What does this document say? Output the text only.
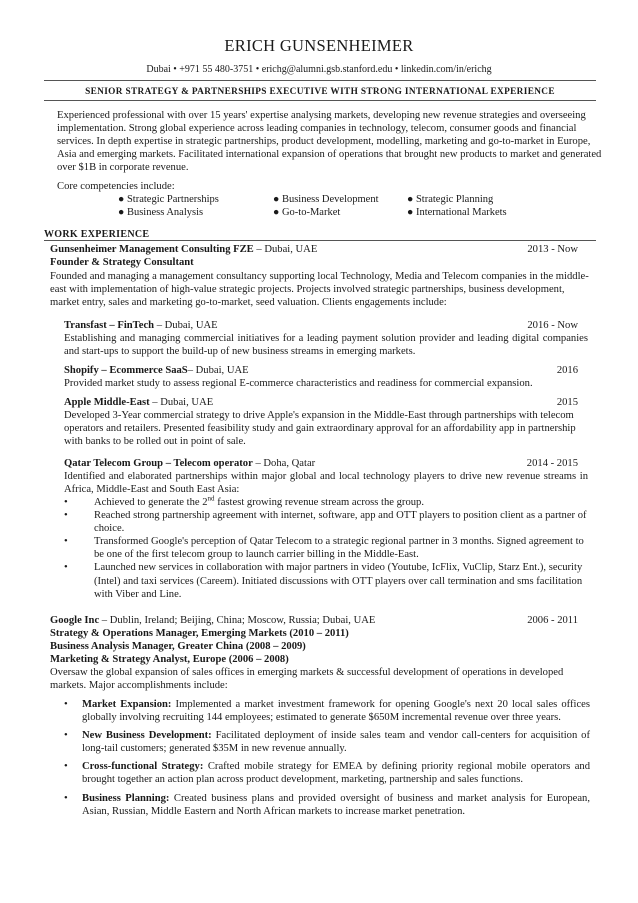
ERICH GUNSENHEIMER
Dubai • +971 55 480-3751 • erichg@alumni.gsb.stanford.edu • linkedin.com/in/erichg
SENIOR STRATEGY & PARTNERSHIPS EXECUTIVE WITH STRONG INTERNATIONAL EXPERIENCE
Experienced professional with over 15 years' expertise analysing markets, developing new revenue strategies and overseeing implementation. Strong global experience across leading companies in technology, telecom, consumer goods and financial services. In depth expertise in strategic partnerships, product development, modelling, marketing and go-to-market in Europe, Asia and emerging markets. Facilitated international expansion of operations that brought new products to market and generated over $1B in corporate revenue.
Core competencies include:
● Strategic Partnerships	● Business Development	● Strategic Planning
● Business Analysis	● Go-to-Market	● International Markets
WORK EXPERIENCE
Gunsenheimer Management Consulting FZE – Dubai, UAE	2013 - Now
Founder & Strategy Consultant
Founded and managing a management consultancy supporting local Technology, Media and Telecom companies in the middle-east with implementation of high-value strategic projects. Projects involved strategic partnerships, business development, market entry, sales and marketing go-to-market, seed valuation. Clients engagements include:
Transfast – FinTech – Dubai, UAE	2016 - Now
Establishing and managing commercial initiatives for a leading payment solution provider and leading digital companies and start-ups to support the build-up of new business streams in emerging markets.
Shopify – Ecommerce SaaS– Dubai, UAE	2016
Provided market study to assess regional E-commerce characteristics and readiness for commercial expansion.
Apple Middle-East – Dubai, UAE	2015
Developed 3-Year commercial strategy to drive Apple's expansion in the Middle-East through partnerships with telecom operators and retailers. Presented feasibility study and gain extraordinary approval for an affordability app in partnership with banks to be rolled out in point of sale.
Qatar Telecom Group – Telecom operator – Doha, Qatar	2014 - 2015
Identified and elaborated partnerships within major global and local technology players to drive new revenue streams in Africa, Middle-East and South East Asia:
• Achieved to generate the 2nd fastest growing revenue stream across the group.
• Reached strong partnership agreement with internet, software, app and OTT players to position client as a partner of choice.
• Transformed Google's perception of Qatar Telecom to a strategic regional partner in 3 months. Signed agreement to be one of the first telecom group to launch carrier billing in the Middle-East.
• Launched new services in collaboration with major partners in video (Youtube, IcFlix, VuClip, Starz Ent.), security (Intel) and taxi services (Careem). Initiated discussions with OTT players over call termination and sms facilitation with Viber and Line.
Google Inc – Dublin, Ireland; Beijing, China; Moscow, Russia; Dubai, UAE	2006 - 2011
Strategy & Operations Manager, Emerging Markets (2010 – 2011)
Business Analysis Manager, Greater China (2008 – 2009)
Marketing & Strategy Analyst, Europe (2006 – 2008)
Oversaw the global expansion of sales offices in emerging markets & successful development of operations in developed markets. Major accomplishments include:
• Market Expansion: Implemented a market investment framework for opening Google's next 20 local sales offices globally involving recruiting 144 employees; estimated to generate $650M incremental revenue over three years.
• New Business Development: Facilitated deployment of inside sales team and vendor call-centers for acquisition of long-tail customers; generated $35M in new revenue annually.
• Cross-functional Strategy: Crafted mobile strategy for EMEA by defining priority regional mobile operators and brought together an action plan across product development, marketing, partnership and sales functions.
• Business Planning: Created business plans and provided oversight of business and market analysis for European, Asian, Russian, Middle Eastern and North African markets to increase market penetration.
